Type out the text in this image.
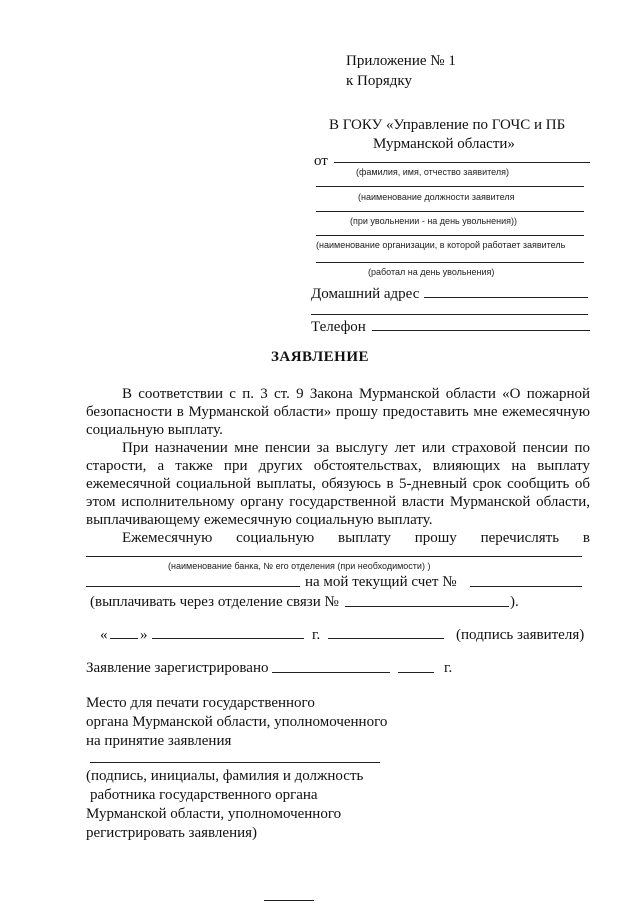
Приложение № 1
к Порядку
В ГОКУ «Управление по ГОЧС и ПБ
Мурманской области»
от
(фамилия, имя, отчество заявителя)
(наименование должности заявителя
(при увольнении - на день увольнения))
(наименование организации, в которой работает заявитель
(работал на день увольнения)
Домашний адрес
Телефон
ЗАЯВЛЕНИЕ

В соответствии с п. 3 ст. 9 Закона Мурманской области «О пожарной безопасности в Мурманской области» прошу предоставить мне ежемесячную социальную выплату.

При назначении мне пенсии за выслугу лет или страховой пенсии по старости, а также при других обстоятельствах, влияющих на выплату ежемесячной социальной выплаты, обязуюсь в 5-дневный срок сообщить об этом исполнительному органу государственной власти Мурманской области, выплачивающему ежемесячную социальную выплату.

Ежемесячную социальную выплату прошу перечислять в

(наименование банка, № его отделения (при необходимости) )
на мой текущий счет №
(выплачивать через отделение связи №	).
« »	г.	(подпись заявителя)
Заявление зарегистрировано	г.
Место для печати государственного
органа Мурманской области, уполномоченного
на принятие заявления
(подпись, инициалы, фамилия и должность
работника государственного органа
Мурманской области, уполномоченного
регистрировать заявления)
